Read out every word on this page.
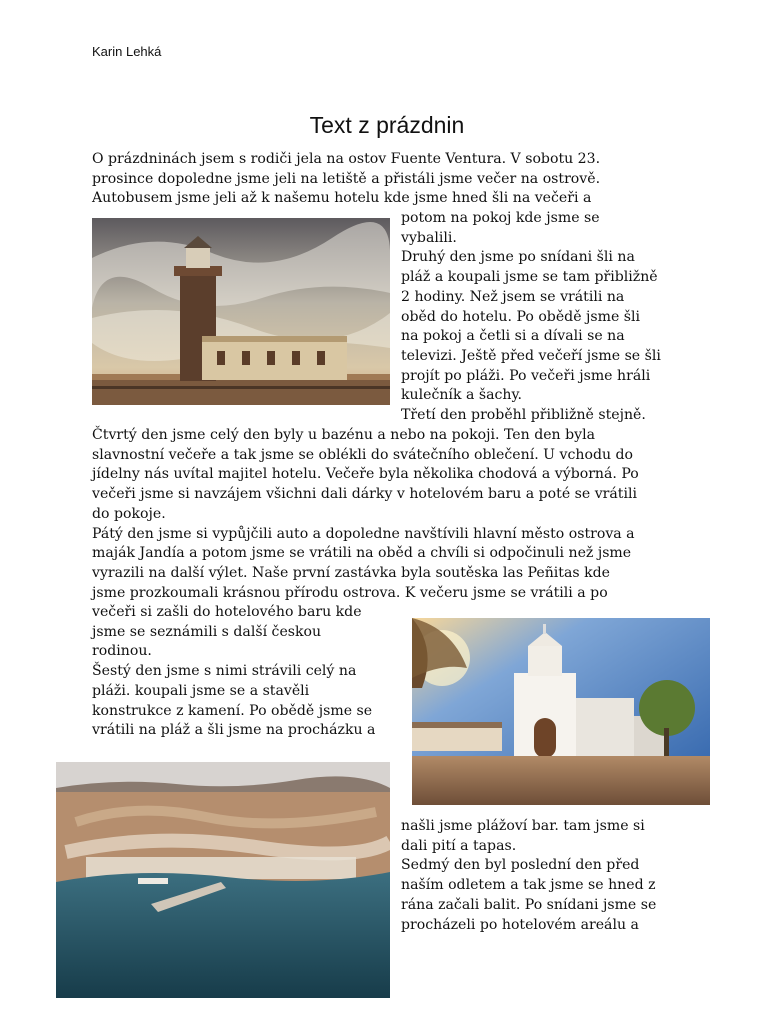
Karin Lehká
Text z prázdnin
O prázdninách jsem s rodiči jela na ostov Fuente Ventura. V sobotu 23.
prosince dopoledne jsme jeli na letiště a přistáli jsme večer na ostrově.
Autobusem jsme jeli až k našemu hotelu kde jsme hned šli na večeři a
potom na pokoj kde jsme se
vybalili.
Druhý den jsme po snídani šli na
pláž a koupali jsme se tam přibližně
2 hodiny. Než jsem se vrátili na
oběd do hotelu. Po obědě jsme šli
na pokoj a četli si a dívali se na
televizi. Ještě před večeří jsme se šli
projít po pláži. Po večeři jsme hráli
kulečník a šachy.
Třetí den proběhl přibližně stejně.
Čtvrtý den jsme celý den byly u bazénu a nebo na pokoji. Ten den byla
slavnostní večeře a tak jsme se oblékli do svátečního oblečení. U vchodu do
jídelny nás uvítal majitel hotelu. Večeře byla několika chodová a výborná. Po
večeři jsme si navzájem všichni dali dárky v hotelovém baru a poté se vrátili
do pokoje.
Pátý den jsme si vypůjčili auto a dopoledne navštívili hlavní město ostrova a
maják Jandía a potom jsme se vrátili na oběd a chvíli si odpočinuli než jsme
vyrazili na další výlet. Naše první zastávka byla soutěska las Peñitas kde
jsme prozkoumali krásnou přírodu ostrova. K večeru jsme se vrátili a po
večeři si zašli do hotelového baru kde
jsme se seznámili s další českou
rodinou.
Šestý den jsme s nimi strávili celý na
pláži. koupali jsme se a stavěli
konstrukce z kamení. Po obědě jsme se
vrátili na pláž a šli jsme na procházku a
našli jsme plážoví bar. tam jsme si
dali pití a tapas.
Sedmý den byl poslední den před
naším odletem a tak jsme se hned z
rána začali balit. Po snídani jsme se
procházeli po hotelovém areálu a
